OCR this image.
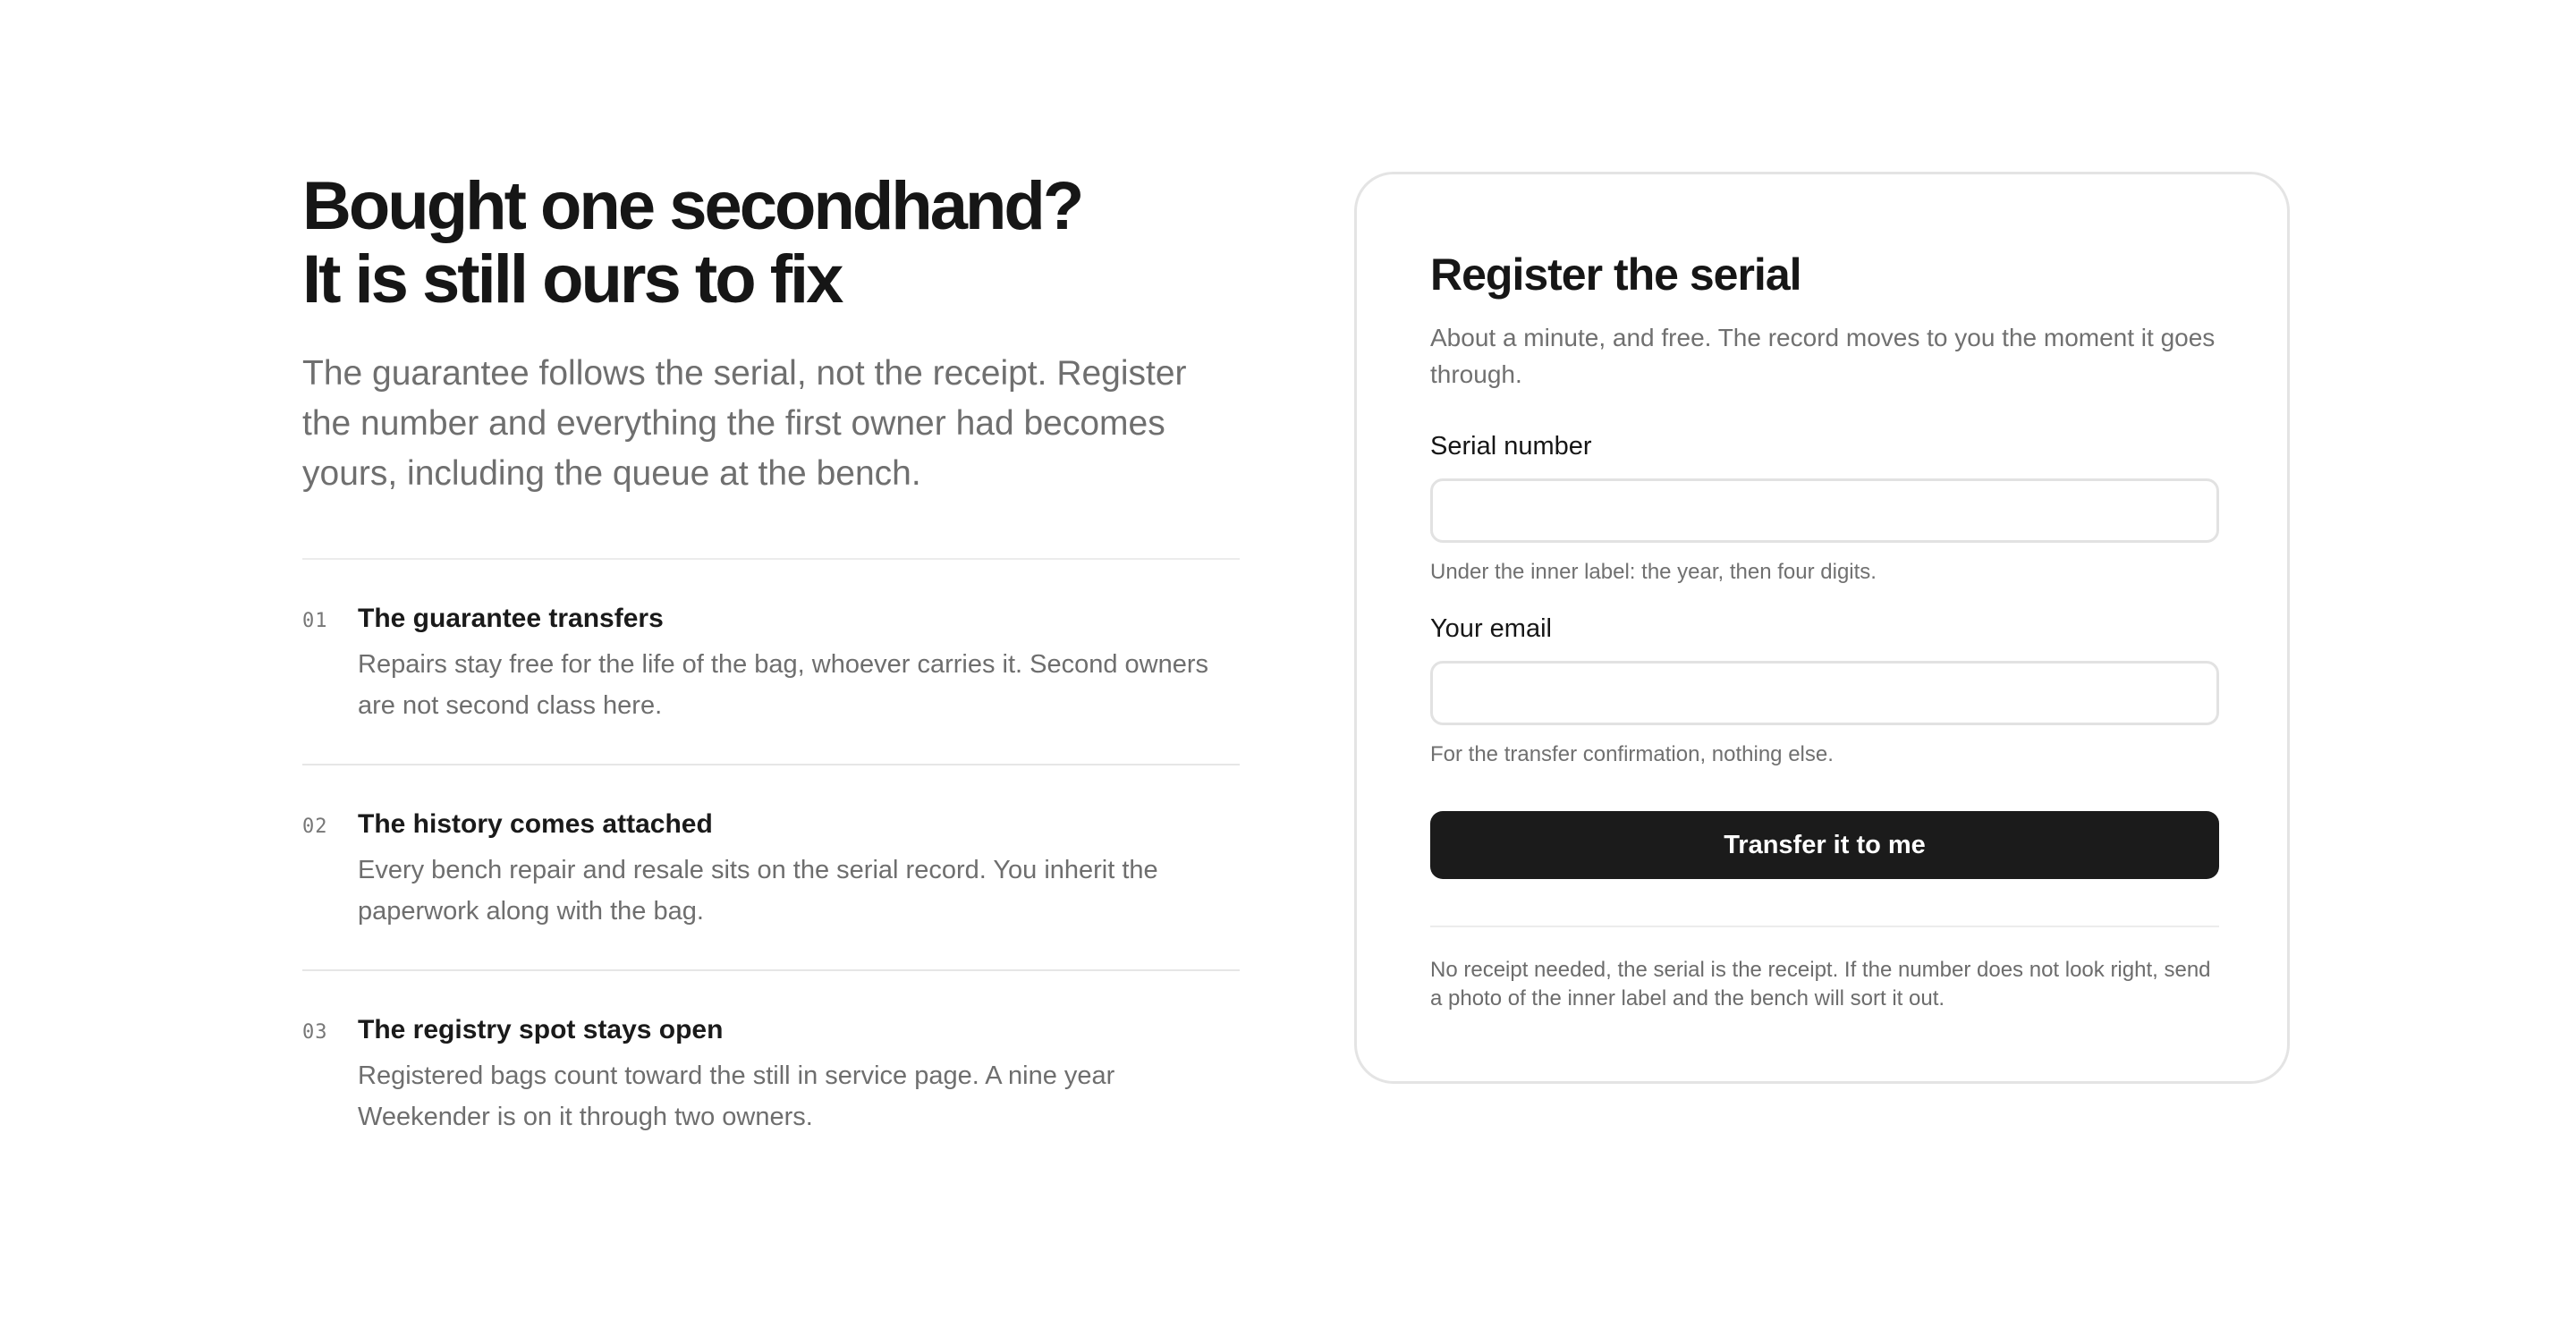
Bought one secondhand?
It is still ours to fix

The guarantee follows the serial, not the receipt. Register the number and everything the first owner had becomes yours, including the queue at the bench.

01 The guarantee transfers

Repairs stay free for the life of the bag, whoever carries it. Second owners are not second class here.

02 The history comes attached

Every bench repair and resale sits on the serial record. You inherit the paperwork along with the bag.

03 The registry spot stays open

Registered bags count toward the still in service page. A nine year Weekender is on it through two owners.

Register the serial

About a minute, and free. The record moves to you the moment it goes through.

Serial number

Under the inner label: the year, then four digits.

Your email

For the transfer confirmation, nothing else.

Transfer it to me

No receipt needed, the serial is the receipt. If the number does not look right, send a photo of the inner label and the bench will sort it out.
